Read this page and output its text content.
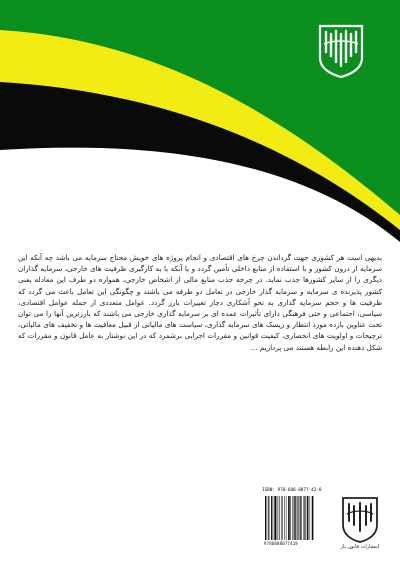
بدیهی است هر کشوری جهت گرداندن چرخ های اقتصادی و انجام پروژه های خویش محتاج سرمایه می باشد چه آنکه این سرمایه از درون کشور و با استفاده از منابع داخلی تأمین گردد و یا آنکه با به کارگیری ظرفیت های خارجی، سرمایه گذاران دیگری را از سایر کشورها جذب نماید. در چرخه جذب منابع مالی از اشخاص خارجی، همواره دو طرف این معادله یعنی کشور پذیرنده ی سرمایه و سرمایه گذار خارجی در تعامل دو طرفه می باشند و چگونگی این تعامل باعث می گردد که ظرفیت ها و حجم سرمایه گذاری به نحو آشکاری دچار تغییرات بارز گردد. عوامل متعددی از جمله عوامل اقتصادی، سیاسی، اجتماعی و حتی فرهنگی دارای تأثیرات عمده ای بر سرمایه گذاری خارجی می باشند که بارزترین آنها را می توان تحت عناوین بازده مورد انتظار و ریسک های سرمایه گذاری، سیاست های مالیاتی از قبیل معافیت ها و تخفیف های مالیاتی، ترجیحات و اولویت های انحصاری، کیفیت قوانین و مقررات اجرایی برشمرد که در این نوشتار به عامل قانون و مقررات که شکل دهنده این رابطه هستند می پردازیم ...

ISBN: 978-600-8077-42-8
9786008077428
انتشارات قانون یار
